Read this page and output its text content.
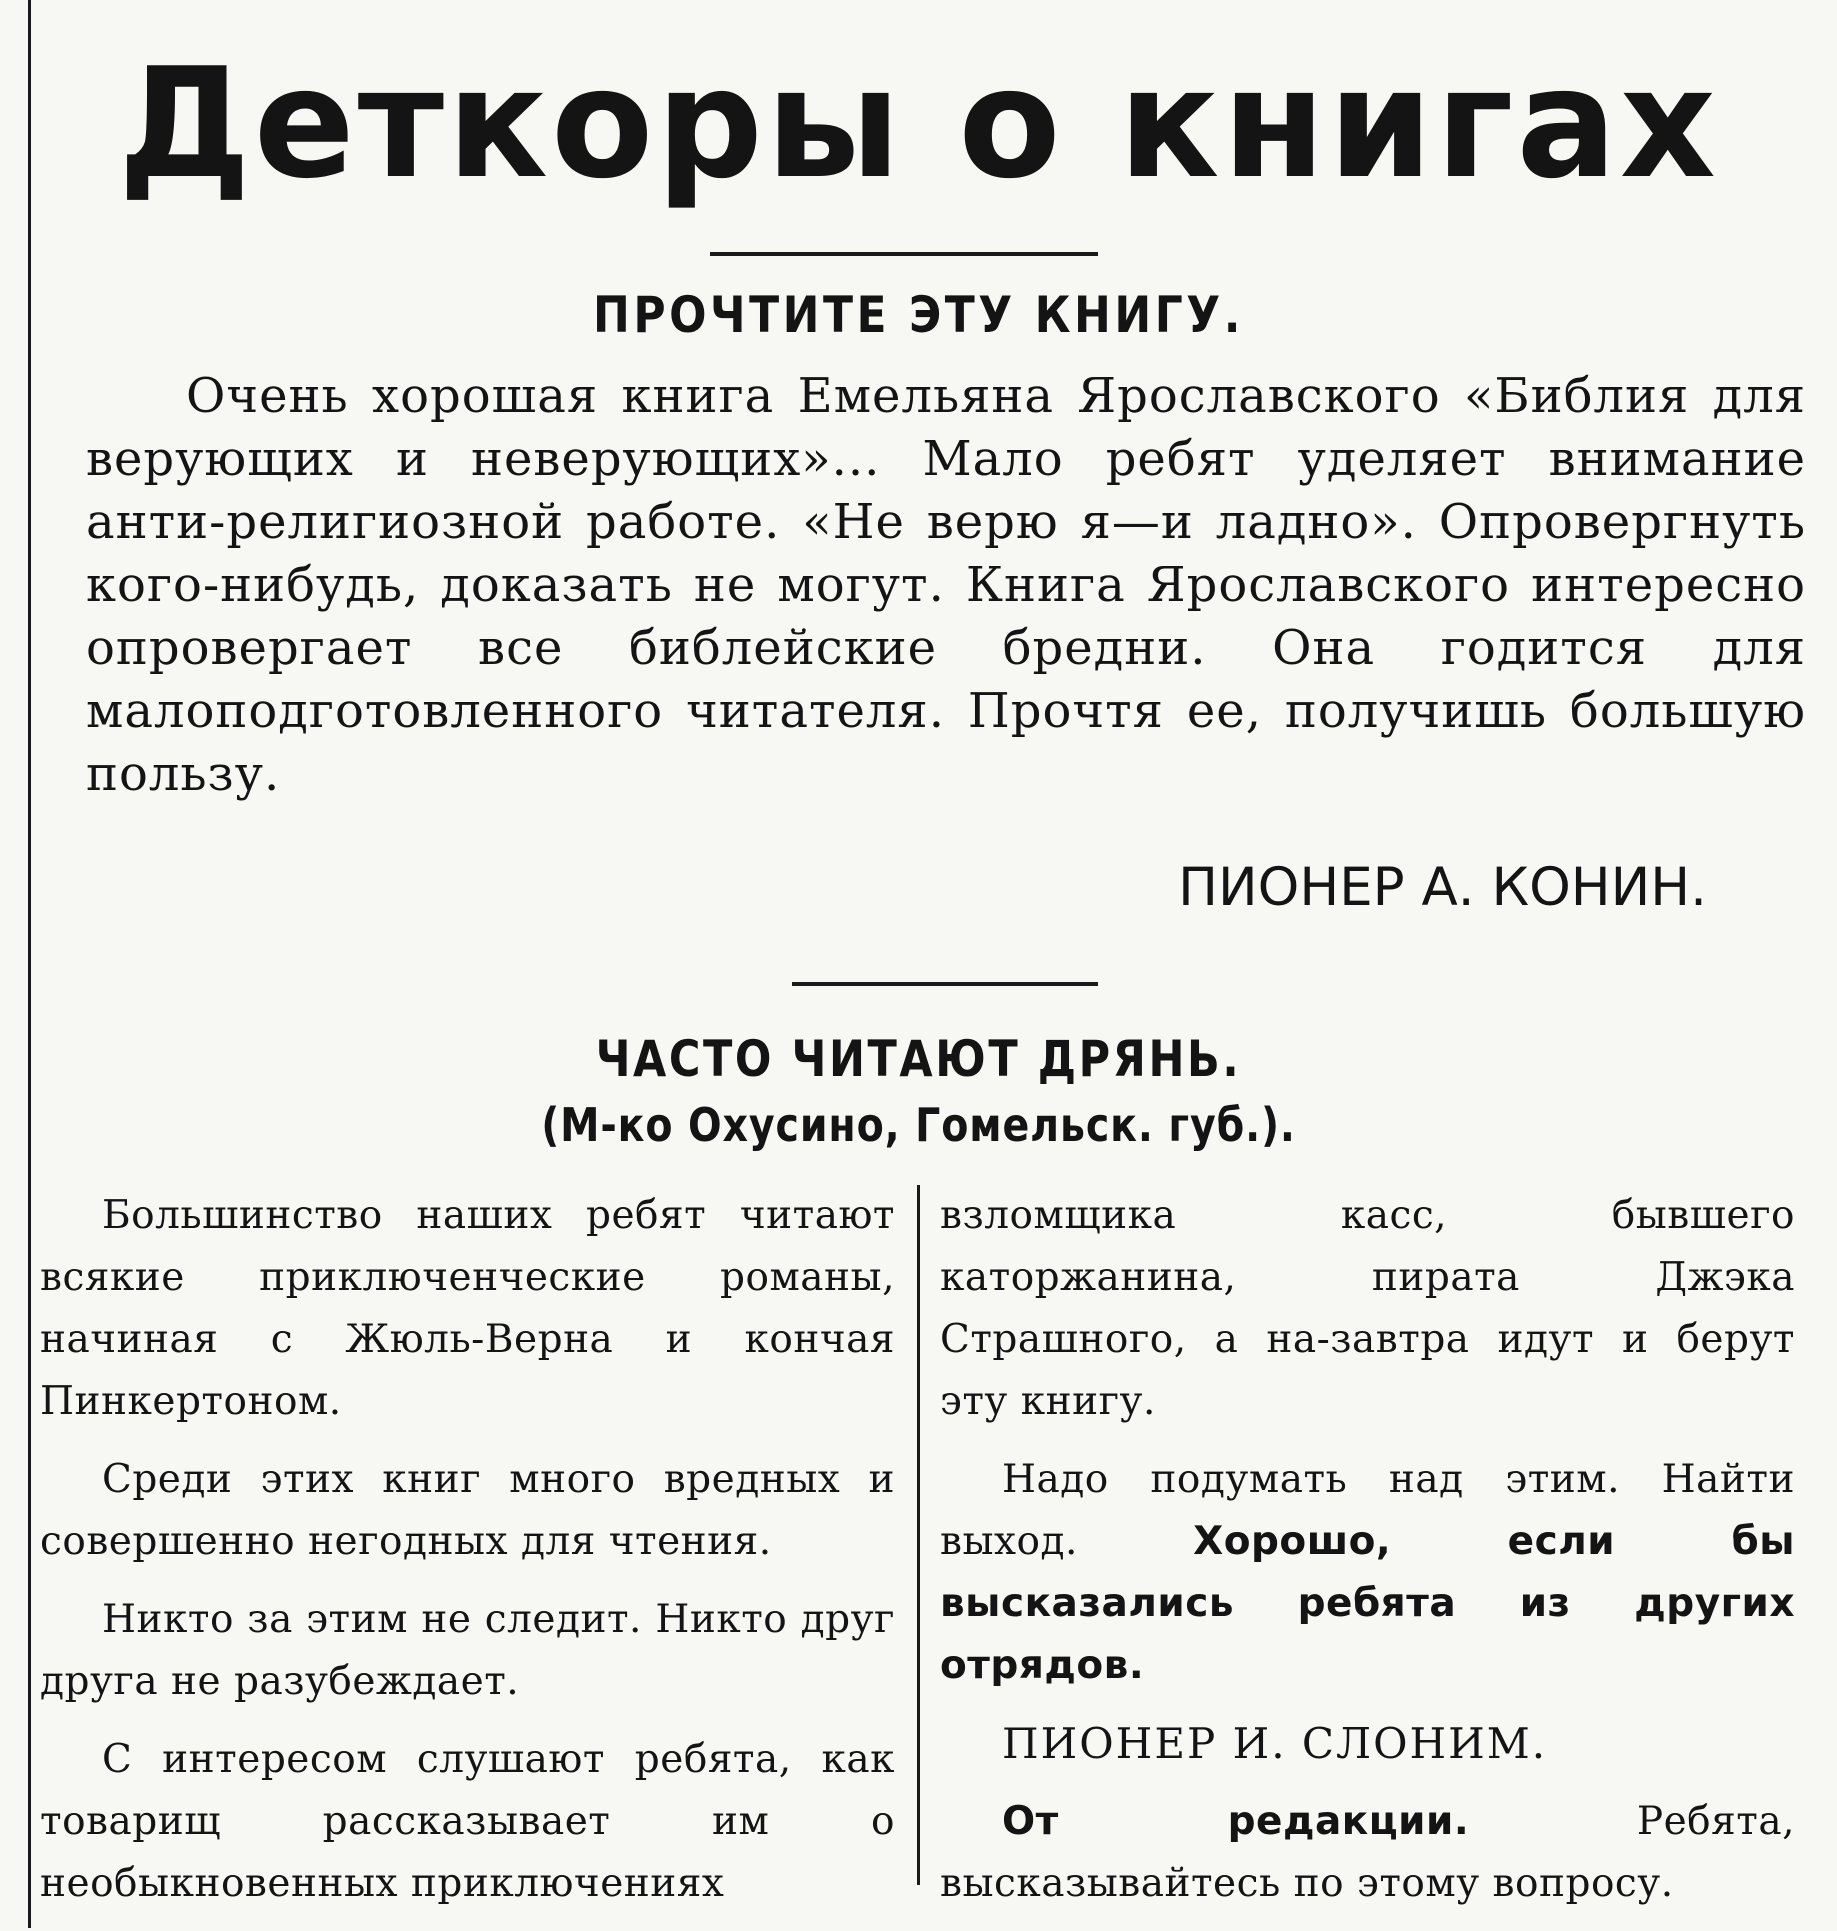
Деткоры о книгах
ПРОЧТИТЕ ЭТУ КНИГУ.

Очень хорошая книга Емельяна Ярославского «Библия для верующих и неверующих»... Мало ребят уделяет внимание анти-религиозной работе. «Не верю я—и ладно». Опровергнуть кого-нибудь, доказать не могут. Книга Ярославского интересно опровергает все библейские бредни. Она годится для малоподготовленного читателя. Прочтя ее, получишь большую пользу.

ПИОНЕР А. КОНИН.
ЧАСТО ЧИТАЮТ ДРЯНЬ.
(М-ко Охусино, Гомельск. губ.).

Большинство наших ребят читают всякие приключенческие романы, начиная с Жюль-Верна и кончая Пинкертоном.

Среди этих книг много вредных и совершенно негодных для чтения.

Никто за этим не следит. Никто друг друга не разубеждает.

С интересом слушают ребята, как товарищ рассказывает им о необыкновенных приключениях

взломщика касс, бывшего каторжанина, пирата Джэка Страшного, а на-завтра идут и берут эту книгу.

Надо подумать над этим. Найти выход.	Хорошо, если бы высказались ребята из других отрядов.

ПИОНЕР И. СЛОНИМ.

От редакции.	Ребята, высказывайтесь по этому вопросу.
